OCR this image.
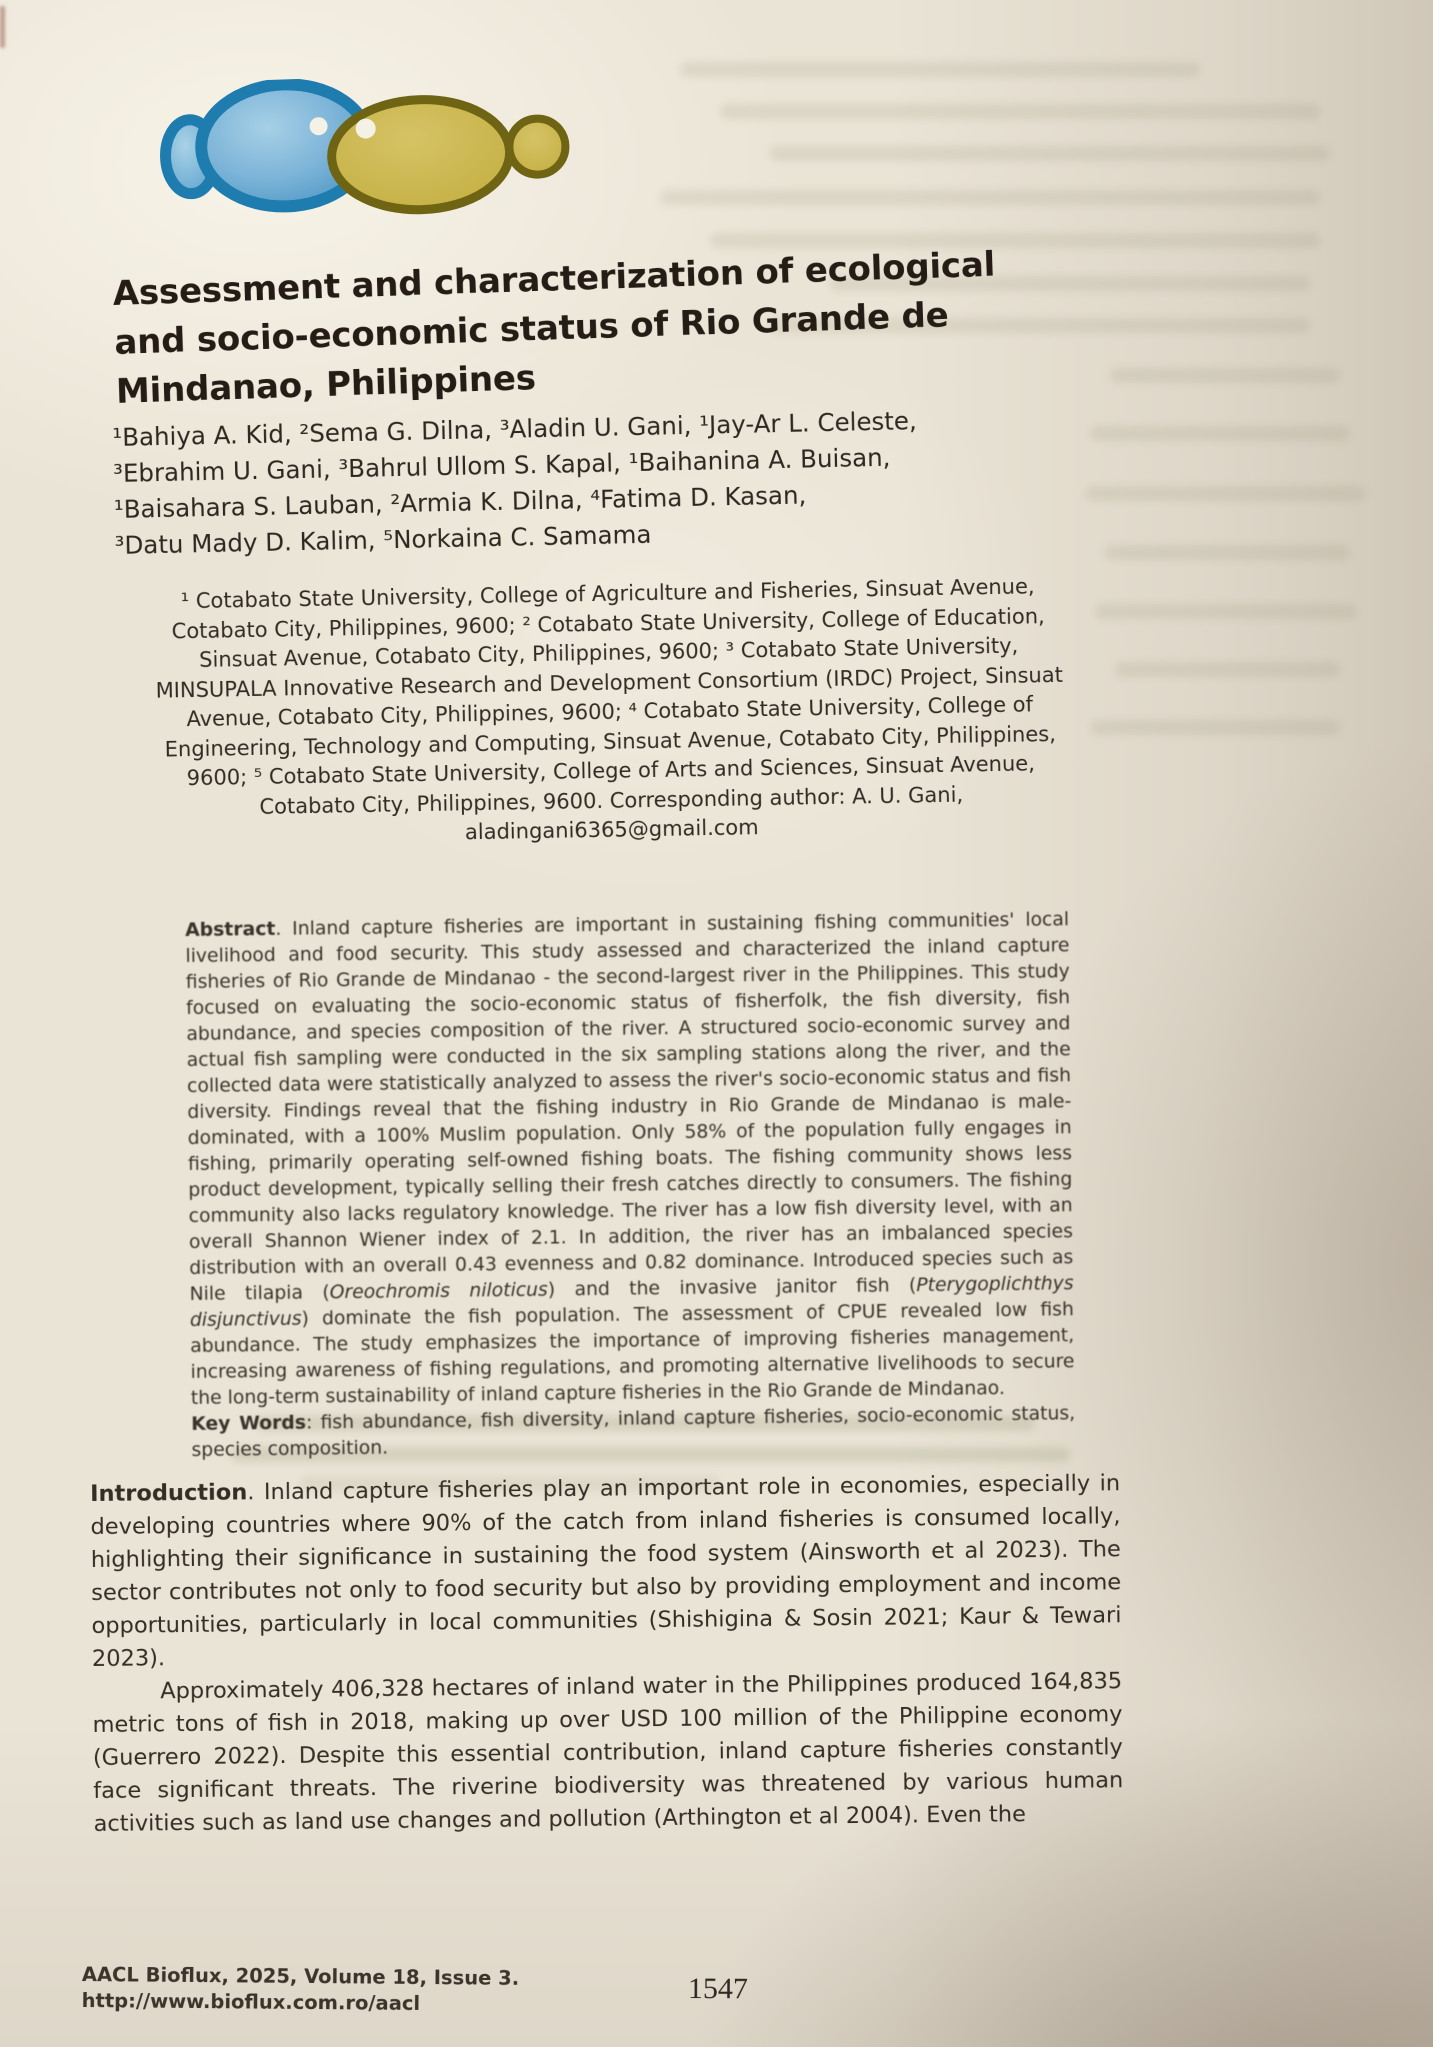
Assessment and characterization of ecological
and socio-economic status of Rio Grande de
Mindanao, Philippines
¹Bahiya A. Kid, ²Sema G. Dilna, ³Aladin U. Gani, ¹Jay-Ar L. Celeste,
³Ebrahim U. Gani, ³Bahrul Ullom S. Kapal, ¹Baihanina A. Buisan,
¹Baisahara S. Lauban, ²Armia K. Dilna, ⁴Fatima D. Kasan,
³Datu Mady D. Kalim, ⁵Norkaina C. Samama
¹ Cotabato State University, College of Agriculture and Fisheries, Sinsuat Avenue, Cotabato City, Philippines, 9600; ² Cotabato State University, College of Education, Sinsuat Avenue, Cotabato City, Philippines, 9600; ³ Cotabato State University, MINSUPALA Innovative Research and Development Consortium (IRDC) Project, Sinsuat Avenue, Cotabato City, Philippines, 9600; ⁴ Cotabato State University, College of Engineering, Technology and Computing, Sinsuat Avenue, Cotabato City, Philippines, 9600; ⁵ Cotabato State University, College of Arts and Sciences, Sinsuat Avenue, Cotabato City, Philippines, 9600. Corresponding author: A. U. Gani, aladingani6365@gmail.com

Abstract. Inland capture fisheries are important in sustaining fishing communities' local livelihood and food security. This study assessed and characterized the inland capture fisheries of Rio Grande de Mindanao - the second-largest river in the Philippines. This study focused on evaluating the socio-economic status of fisherfolk, the fish diversity, fish abundance, and species composition of the river. A structured socio-economic survey and actual fish sampling were conducted in the six sampling stations along the river, and the collected data were statistically analyzed to assess the river's socio-economic status and fish diversity. Findings reveal that the fishing industry in Rio Grande de Mindanao is male-dominated, with a 100% Muslim population. Only 58% of the population fully engages in fishing, primarily operating self-owned fishing boats. The fishing community shows less product development, typically selling their fresh catches directly to consumers. The fishing community also lacks regulatory knowledge. The river has a low fish diversity level, with an overall Shannon Wiener index of 2.1. In addition, the river has an imbalanced species distribution with an overall 0.43 evenness and 0.82 dominance. Introduced species such as Nile tilapia (Oreochromis niloticus) and the invasive janitor fish (Pterygoplichthys disjunctivus) dominate the fish population. The assessment of CPUE revealed low fish abundance. The study emphasizes the importance of improving fisheries management, increasing awareness of fishing regulations, and promoting alternative livelihoods to secure the long-term sustainability of inland capture fisheries in the Rio Grande de Mindanao.

Key Words: fish abundance, fish diversity, inland capture fisheries, socio-economic status, species composition.

Introduction. Inland capture fisheries play an important role in economies, especially in developing countries where 90% of the catch from inland fisheries is consumed locally, highlighting their significance in sustaining the food system (Ainsworth et al 2023). The sector contributes not only to food security but also by providing employment and income opportunities, particularly in local communities (Shishigina & Sosin 2021; Kaur & Tewari 2023).

Approximately 406,328 hectares of inland water in the Philippines produced 164,835 metric tons of fish in 2018, making up over USD 100 million of the Philippine economy (Guerrero 2022). Despite this essential contribution, inland capture fisheries constantly face significant threats. The riverine biodiversity was threatened by various human activities such as land use changes and pollution (Arthington et al 2004). Even the

AACL Bioflux, 2025, Volume 18, Issue 3.
http://www.bioflux.com.ro/aacl	1547
